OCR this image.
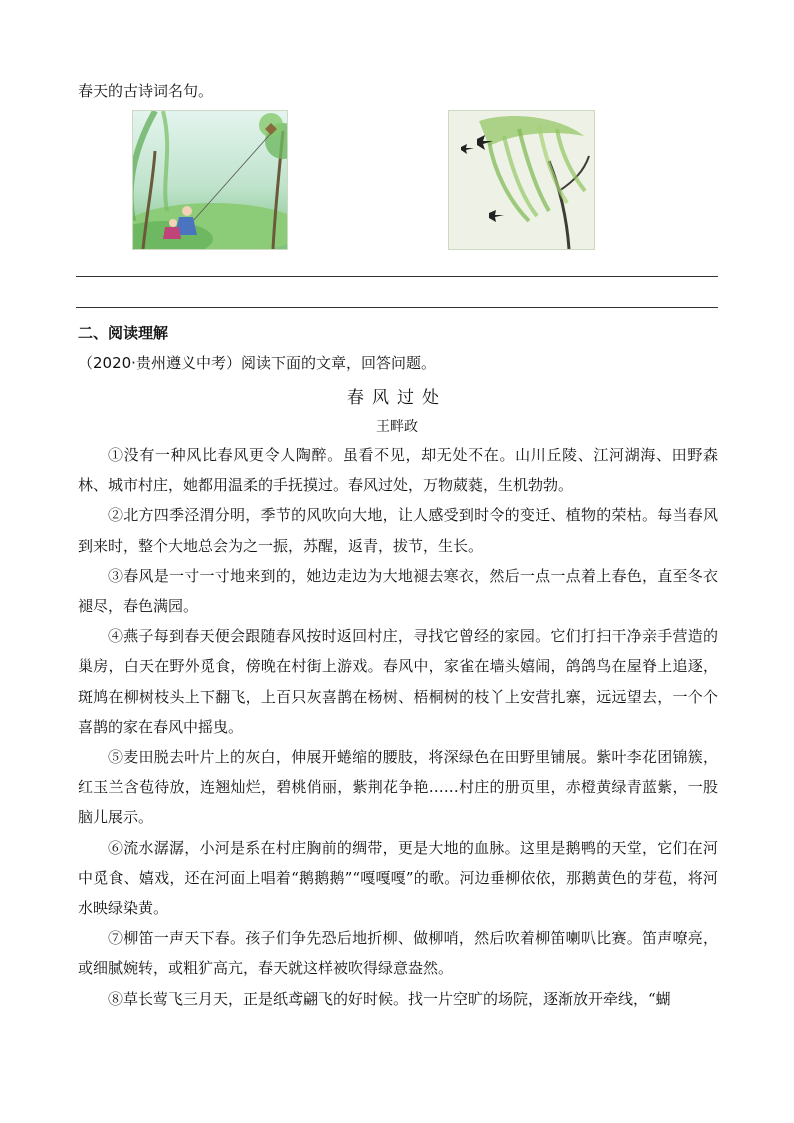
春天的古诗词名句。
二、阅读理解
（2020·贵州遵义中考）阅读下面的文章，回答问题。
春风过处
王畔政

①没有一种风比春风更令人陶醉。虽看不见，却无处不在。山川丘陵、江河湖海、田野森林、城市村庄，她都用温柔的手抚摸过。春风过处，万物葳蕤，生机勃勃。

②北方四季泾渭分明，季节的风吹向大地，让人感受到时令的变迁、植物的荣枯。每当春风到来时，整个大地总会为之一振，苏醒，返青，拔节，生长。

③春风是一寸一寸地来到的，她边走边为大地褪去寒衣，然后一点一点着上春色，直至冬衣褪尽，春色满园。

④燕子每到春天便会跟随春风按时返回村庄，寻找它曾经的家园。它们打扫干净亲手营造的巢房，白天在野外觅食，傍晚在村街上游戏。春风中，家雀在墙头嬉闹，鸽鸽鸟在屋脊上追逐，斑鸠在柳树枝头上下翻飞，上百只灰喜鹊在杨树、梧桐树的枝丫上安营扎寨，远远望去，一个个喜鹊的家在春风中摇曳。

⑤麦田脱去叶片上的灰白，伸展开蜷缩的腰肢，将深绿色在田野里铺展。紫叶李花团锦簇，红玉兰含苞待放，连翘灿烂，碧桃俏丽，紫荆花争艳……村庄的册页里，赤橙黄绿青蓝紫，一股脑儿展示。

⑥流水潺潺，小河是系在村庄胸前的绸带，更是大地的血脉。这里是鹅鸭的天堂，它们在河中觅食、嬉戏，还在河面上唱着“鹅鹅鹅”“嘎嘎嘎”的歌。河边垂柳依依，那鹅黄色的芽苞，将河水映绿染黄。

⑦柳笛一声天下春。孩子们争先恐后地折柳、做柳哨，然后吹着柳笛喇叭比赛。笛声嘹亮，或细腻婉转，或粗犷高亢，春天就这样被吹得绿意盎然。

⑧草长莺飞三月天，正是纸鸢翩飞的好时候。找一片空旷的场院，逐渐放开牵线，“蝴
